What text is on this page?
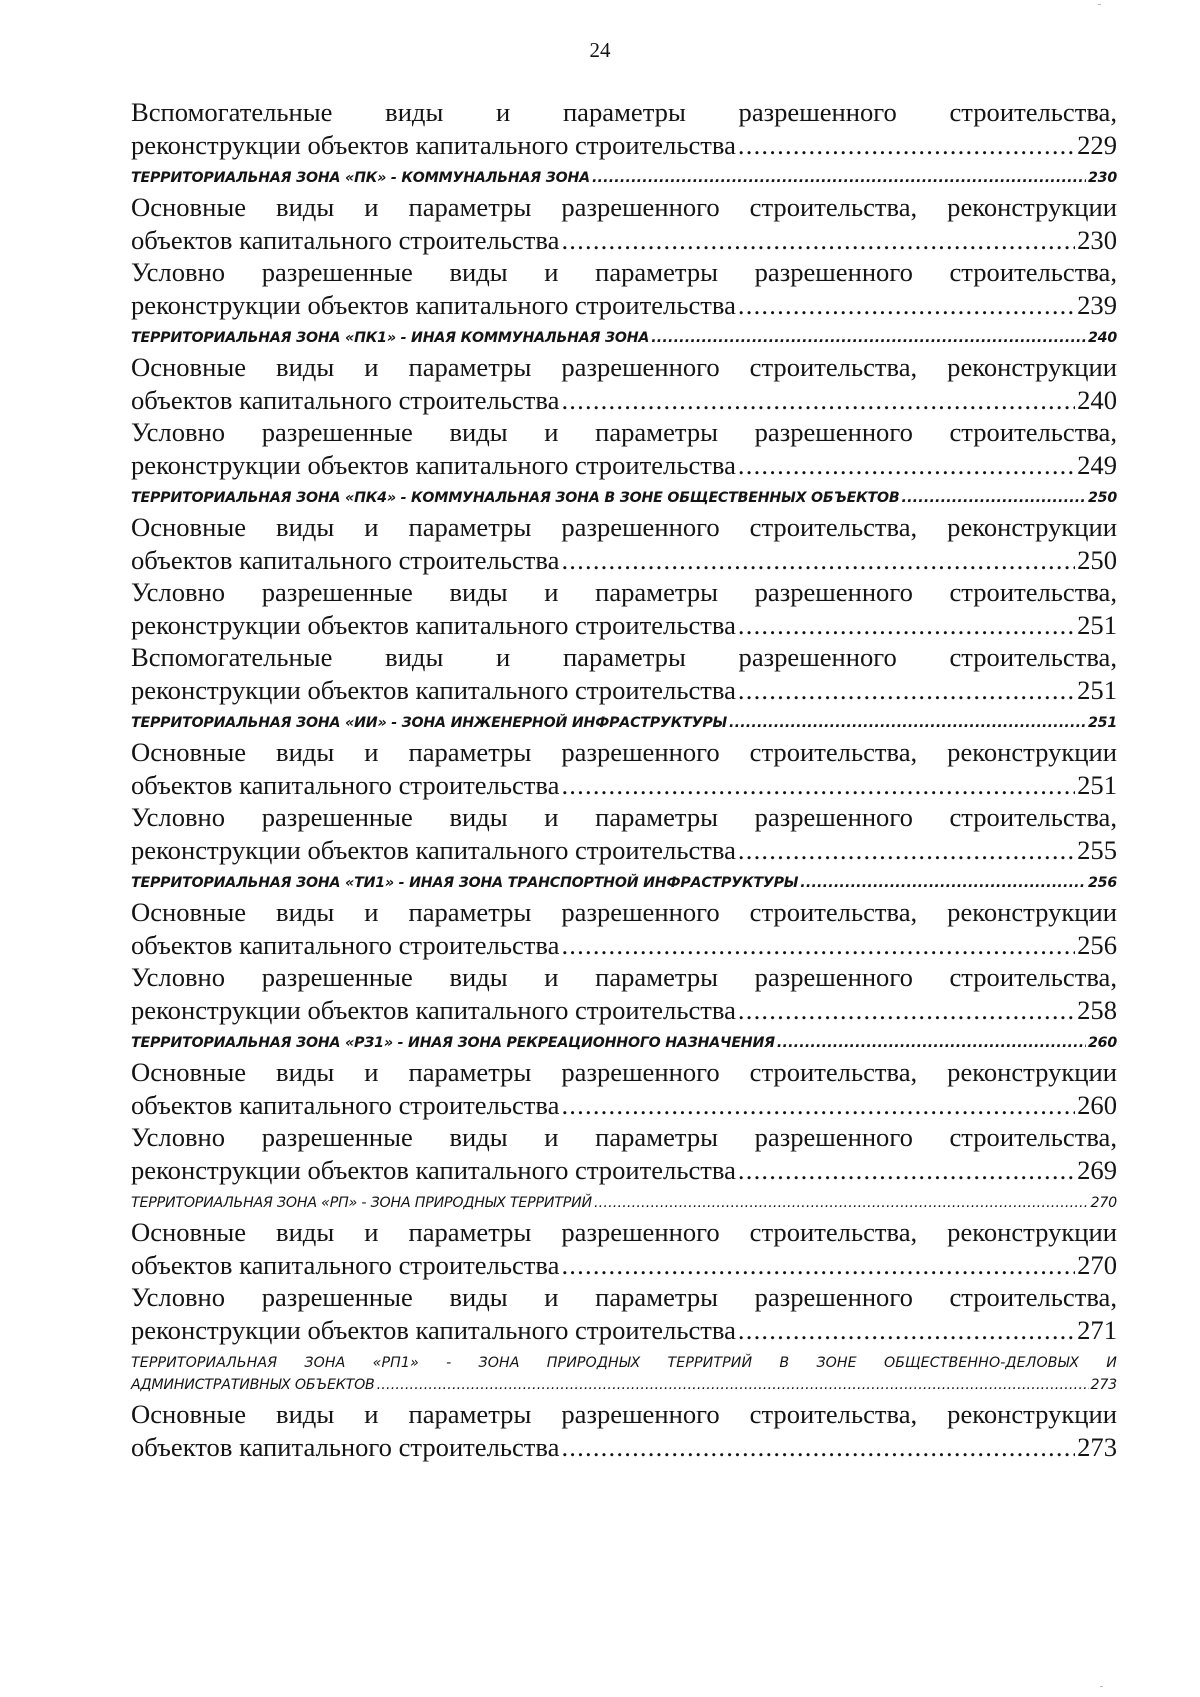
24
Вспомогательные виды и параметры разрешенного строительства,
реконструкции объектов капитального строительства .....	229
ТЕРРИТОРИАЛЬНАЯ ЗОНА «ПК» - КОММУНАЛЬНАЯ ЗОНА .....	230
Основные виды и параметры разрешенного строительства, реконструкции
объектов капитального строительства .....	230
Условно разрешенные виды и параметры разрешенного строительства,
реконструкции объектов капитального строительства .....	239
ТЕРРИТОРИАЛЬНАЯ ЗОНА «ПК1» - ИНАЯ КОММУНАЛЬНАЯ ЗОНА .....	240
Основные виды и параметры разрешенного строительства, реконструкции
объектов капитального строительства .....	240
Условно разрешенные виды и параметры разрешенного строительства,
реконструкции объектов капитального строительства .....	249
ТЕРРИТОРИАЛЬНАЯ ЗОНА «ПК4» - КОММУНАЛЬНАЯ ЗОНА В ЗОНЕ ОБЩЕСТВЕННЫХ ОБЪЕКТОВ .....	250
Основные виды и параметры разрешенного строительства, реконструкции
объектов капитального строительства .....	250
Условно разрешенные виды и параметры разрешенного строительства,
реконструкции объектов капитального строительства .....	251
Вспомогательные виды и параметры разрешенного строительства,
реконструкции объектов капитального строительства .....	251
ТЕРРИТОРИАЛЬНАЯ ЗОНА «ИИ» - ЗОНА ИНЖЕНЕРНОЙ ИНФРАСТРУКТУРЫ .....	251
Основные виды и параметры разрешенного строительства, реконструкции
объектов капитального строительства .....	251
Условно разрешенные виды и параметры разрешенного строительства,
реконструкции объектов капитального строительства .....	255
ТЕРРИТОРИАЛЬНАЯ ЗОНА «ТИ1» - ИНАЯ ЗОНА ТРАНСПОРТНОЙ ИНФРАСТРУКТУРЫ .....	256
Основные виды и параметры разрешенного строительства, реконструкции
объектов капитального строительства .....	256
Условно разрешенные виды и параметры разрешенного строительства,
реконструкции объектов капитального строительства .....	258
ТЕРРИТОРИАЛЬНАЯ ЗОНА «РЗ1» - ИНАЯ ЗОНА РЕКРЕАЦИОННОГО НАЗНАЧЕНИЯ .....	260
Основные виды и параметры разрешенного строительства, реконструкции
объектов капитального строительства .....	260
Условно разрешенные виды и параметры разрешенного строительства,
реконструкции объектов капитального строительства .....	269
ТЕРРИТОРИАЛЬНАЯ ЗОНА «РП» - ЗОНА ПРИРОДНЫХ ТЕРРИТРИЙ .....	270
Основные виды и параметры разрешенного строительства, реконструкции
объектов капитального строительства .....	270
Условно разрешенные виды и параметры разрешенного строительства,
реконструкции объектов капитального строительства .....	271
ТЕРРИТОРИАЛЬНАЯ ЗОНА «РП1» - ЗОНА ПРИРОДНЫХ ТЕРРИТРИЙ В ЗОНЕ ОБЩЕСТВЕННО-ДЕЛОВЫХ И
АДМИНИСТРАТИВНЫХ ОБЪЕКТОВ .....	273
Основные виды и параметры разрешенного строительства, реконструкции
объектов капитального строительства .....	273
